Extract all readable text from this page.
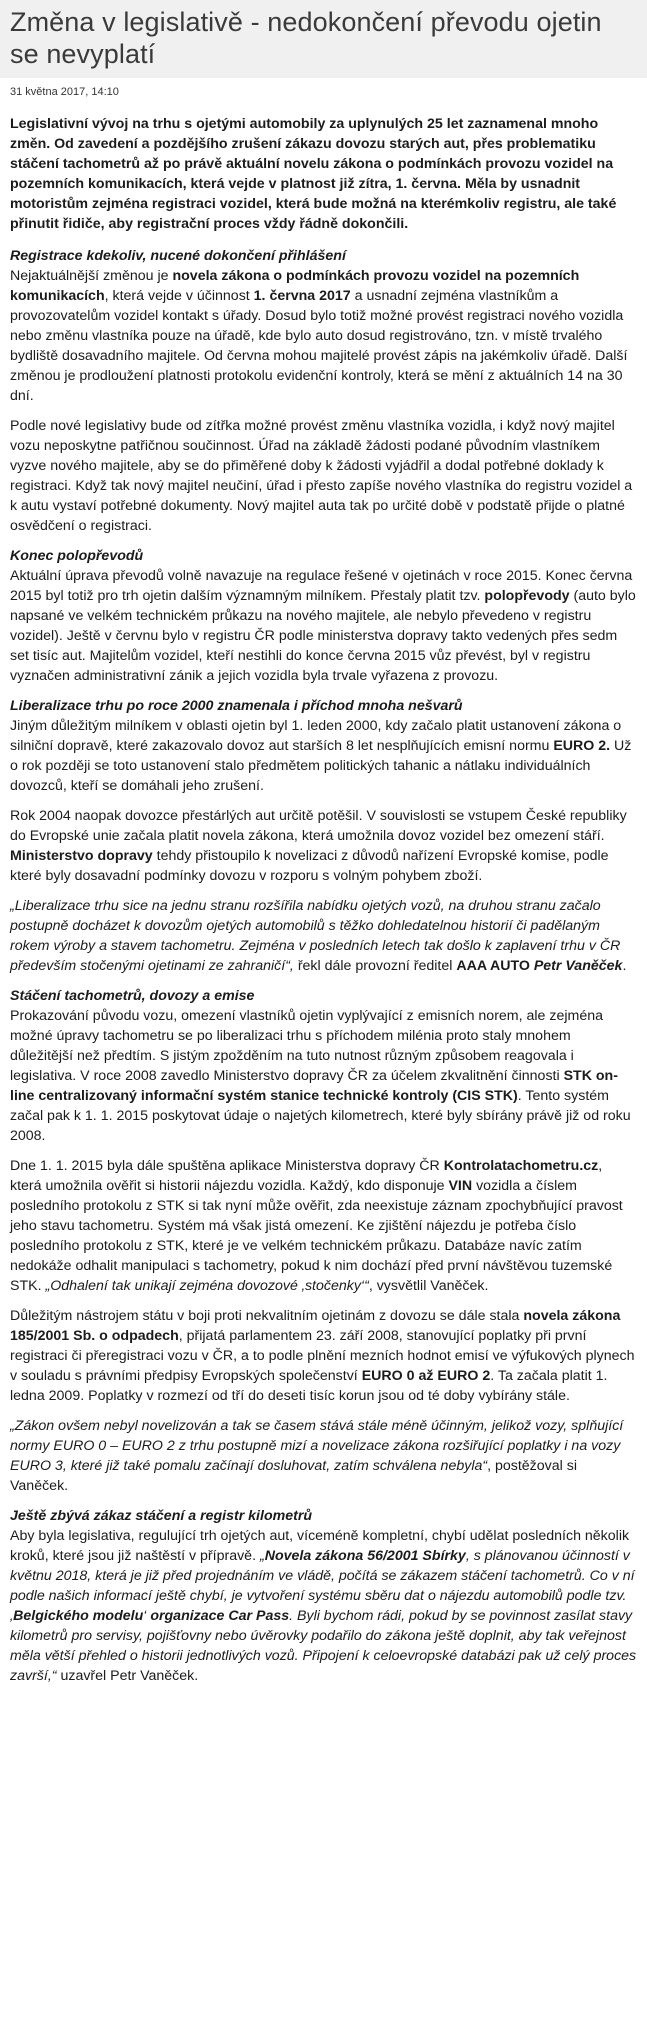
Změna v legislativě - nedokončení převodu ojetin se nevyplatí
31 května 2017, 14:10

Legislativní vývoj na trhu s ojetými automobily za uplynulých 25 let zaznamenal mnoho změn. Od zavedení a pozdějšího zrušení zákazu dovozu starých aut, přes problematiku stáčení tachometrů až po právě aktuální novelu zákona o podmínkách provozu vozidel na pozemních komunikacích, která vejde v platnost již zítra, 1. června. Měla by usnadnit motoristům zejména registraci vozidel, která bude možná na kterémkoliv registru, ale také přinutit řidiče, aby registrační proces vždy řádně dokončili.

Registrace kdekoliv, nucené dokončení přihlášení

Nejaktuálnější změnou je novela zákona o podmínkách provozu vozidel na pozemních komunikacích, která vejde v účinnost 1. června 2017 a usnadní zejména vlastníkům a provozovatelům vozidel kontakt s úřady. Dosud bylo totiž možné provést registraci nového vozidla nebo změnu vlastníka pouze na úřadě, kde bylo auto dosud registrováno, tzn. v místě trvalého bydliště dosavadního majitele. Od června mohou majitelé provést zápis na jakémkoliv úřadě. Další změnou je prodloužení platnosti protokolu evidenční kontroly, která se mění z aktuálních 14 na 30 dní.

Podle nové legislativy bude od zítřka možné provést změnu vlastníka vozidla, i když nový majitel vozu neposkytne patřičnou součinnost. Úřad na základě žádosti podané původním vlastníkem vyzve nového majitele, aby se do přiměřené doby k žádosti vyjádřil a dodal potřebné doklady k registraci. Když tak nový majitel neučiní, úřad i přesto zapíše nového vlastníka do registru vozidel a k autu vystaví potřebné dokumenty. Nový majitel auta tak po určité době v podstatě přijde o platné osvědčení o registraci.

Konec polopřevodů

Aktuální úprava převodů volně navazuje na regulace řešené v ojetinách v roce 2015. Konec června 2015 byl totiž pro trh ojetin dalším významným milníkem. Přestaly platit tzv. polopřevody (auto bylo napsané ve velkém technickém průkazu na nového majitele, ale nebylo převedeno v registru vozidel). Ještě v červnu bylo v registru ČR podle ministerstva dopravy takto vedených přes sedm set tisíc aut. Majitelům vozidel, kteří nestihli do konce června 2015 vůz převést, byl v registru vyznačen administrativní zánik a jejich vozidla byla trvale vyřazena z provozu.

Liberalizace trhu po roce 2000 znamenala i příchod mnoha nešvarů

Jiným důležitým milníkem v oblasti ojetin byl 1. leden 2000, kdy začalo platit ustanovení zákona o silniční dopravě, které zakazovalo dovoz aut starších 8 let nesplňujících emisní normu EURO 2. Už o rok později se toto ustanovení stalo předmětem politických tahanic a nátlaku individuálních dovozců, kteří se domáhali jeho zrušení.

Rok 2004 naopak dovozce přestárlých aut určitě potěšil. V souvislosti se vstupem České republiky do Evropské unie začala platit novela zákona, která umožnila dovoz vozidel bez omezení stáří. Ministerstvo dopravy tehdy přistoupilo k novelizaci z důvodů nařízení Evropské komise, podle které byly dosavadní podmínky dovozu v rozporu s volným pohybem zboží.

„Liberalizace trhu sice na jednu stranu rozšířila nabídku ojetých vozů, na druhou stranu začalo postupně docházet k dovozům ojetých automobilů s těžko dohledatelnou historií či padělaným rokem výroby a stavem tachometru. Zejména v posledních letech tak došlo k zaplavení trhu v ČR především stočenými ojetinami ze zahraničí“, řekl dále provozní ředitel AAA AUTO Petr Vaněček.

Stáčení tachometrů, dovozy a emise

Prokazování původu vozu, omezení vlastníků ojetin vyplývající z emisních norem, ale zejména možné úpravy tachometru se po liberalizaci trhu s příchodem milénia proto staly mnohem důležitější než předtím. S jistým zpožděním na tuto nutnost různým způsobem reagovala i legislativa. V roce 2008 zavedlo Ministerstvo dopravy ČR za účelem zkvalitnění činnosti STK on-line centralizovaný informační systém stanice technické kontroly (CIS STK). Tento systém začal pak k 1. 1. 2015 poskytovat údaje o najetých kilometrech, které byly sbírány právě již od roku 2008.

Dne 1. 1. 2015 byla dále spuštěna aplikace Ministerstva dopravy ČR Kontrolatachometru.cz, která umožnila ověřit si historii nájezdu vozidla. Každý, kdo disponuje VIN vozidla a číslem posledního protokolu z STK si tak nyní může ověřit, zda neexistuje záznam zpochybňující pravost jeho stavu tachometru. Systém má však jistá omezení. Ke zjištění nájezdu je potřeba číslo posledního protokolu z STK, které je ve velkém technickém průkazu. Databáze navíc zatím nedokáže odhalit manipulaci s tachometry, pokud k nim dochází před první návštěvou tuzemské STK. „Odhalení tak unikají zejména dovozové ‚stočenky‘“, vysvětlil Vaněček.

Důležitým nástrojem státu v boji proti nekvalitním ojetinám z dovozu se dále stala novela zákona 185/2001 Sb. o odpadech, přijatá parlamentem 23. září 2008, stanovující poplatky při první registraci či přeregistraci vozu v ČR, a to podle plnění mezních hodnot emisí ve výfukových plynech v souladu s právními předpisy Evropských společenství EURO 0 až EURO 2. Ta začala platit 1. ledna 2009. Poplatky v rozmezí od tří do deseti tisíc korun jsou od té doby vybírány stále.

„Zákon ovšem nebyl novelizován a tak se časem stává stále méně účinným, jelikož vozy, splňující normy EURO 0 – EURO 2 z trhu postupně mizí a novelizace zákona rozšiřující poplatky i na vozy EURO 3, které již také pomalu začínají dosluhovat, zatím schválena nebyla“, postěžoval si Vaněček.

Ještě zbývá zákaz stáčení a registr kilometrů

Aby byla legislativa, regulující trh ojetých aut, víceméně kompletní, chybí udělat posledních několik kroků, které jsou již naštěstí v přípravě. „Novela zákona 56/2001 Sbírky, s plánovanou účinností v květnu 2018, která je již před projednáním ve vládě, počítá se zákazem stáčení tachometrů. Co v ní podle našich informací ještě chybí, je vytvoření systému sběru dat o nájezdu automobilů podle tzv. ‚Belgického modelu‘ organizace Car Pass. Byli bychom rádi, pokud by se povinnost zasílat stavy kilometrů pro servisy, pojišťovny nebo úvěrovky podařilo do zákona ještě doplnit, aby tak veřejnost měla větší přehled o historii jednotlivých vozů. Připojení k celoevropské databázi pak už celý proces završí,“ uzavřel Petr Vaněček.
